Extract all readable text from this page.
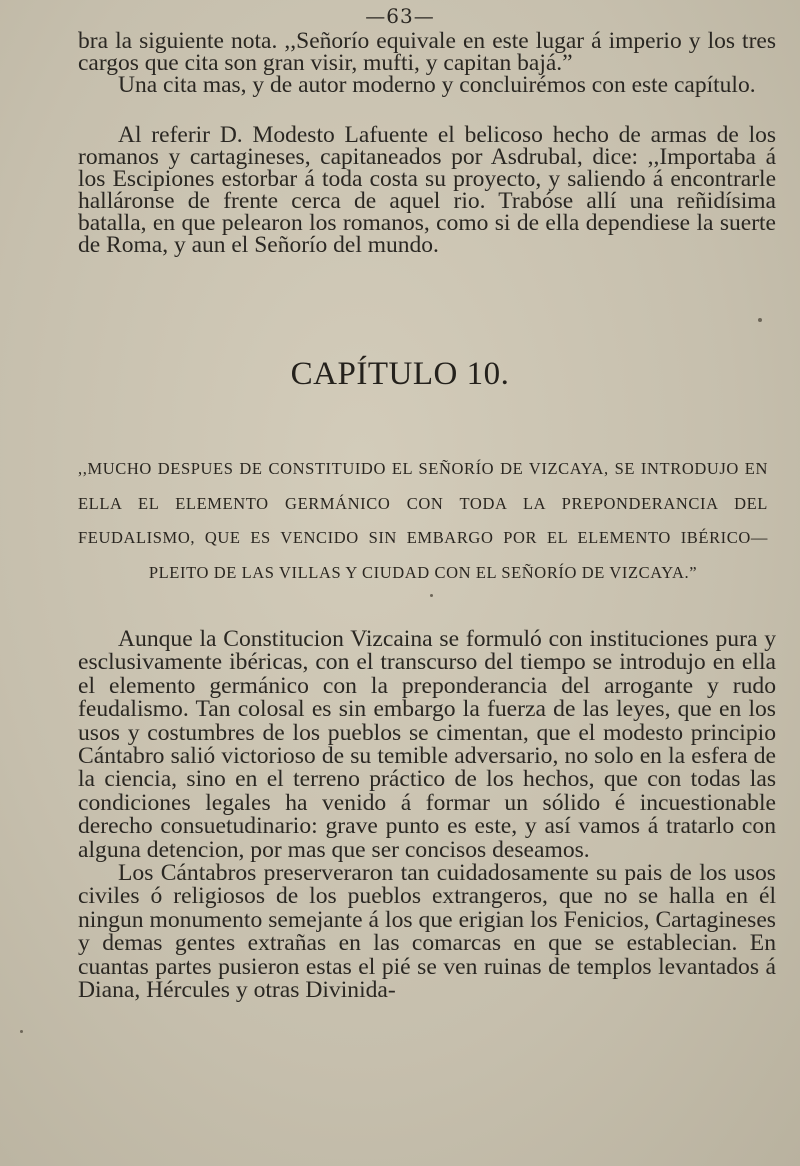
—63—

bra la siguiente nota. ,,Señorío equivale en este lugar á imperio y los tres cargos que cita son gran visir, mufti, y capitan bajá.”

Una cita mas, y de autor moderno y concluirémos con este capítulo.

Al referir D. Modesto Lafuente el belicoso hecho de armas de los romanos y cartagineses, capitaneados por Asdrubal, dice: ,,Importaba á los Escipiones estorbar á toda costa su proyecto, y saliendo á encontrarle halláronse de frente cerca de aquel rio. Trabóse allí una reñidísima batalla, en que pelearon los romanos, como si de ella dependiese la suerte de Roma, y aun el Señorío del mundo.

CAPÍTULO 10.
,,MUCHO DESPUES DE CONSTITUIDO EL SEÑORÍO DE VIZCAYA, SE INTRODUJO EN ELLA EL ELEMENTO GERMÁNICO CON TODA LA PREPONDERANCIA DEL FEUDALISMO, QUE ES VENCIDO SIN EMBARGO POR EL ELEMENTO IBÉRICO—PLEITO DE LAS VILLAS Y CIUDAD CON EL SEÑORÍO DE VIZCAYA.”

Aunque la Constitucion Vizcaina se formuló con instituciones pura y esclusivamente ibéricas, con el transcurso del tiempo se introdujo en ella el elemento germánico con la preponderancia del arrogante y rudo feudalismo. Tan colosal es sin embargo la fuerza de las leyes, que en los usos y costumbres de los pueblos se cimentan, que el modesto principio Cántabro salió victorioso de su temible adversario, no solo en la esfera de la ciencia, sino en el terreno práctico de los hechos, que con todas las condiciones legales ha venido á formar un sólido é incuestionable derecho consuetudinario: grave punto es este, y así vamos á tratarlo con alguna detencion, por mas que ser concisos deseamos.

Los Cántabros preserveraron tan cuidadosamente su pais de los usos civiles ó religiosos de los pueblos extrangeros, que no se halla en él ningun monumento semejante á los que erigian los Fenicios, Cartagineses y demas gentes extrañas en las comarcas en que se establecian. En cuantas partes pusieron estas el pié se ven ruinas de templos levantados á Diana, Hércules y otras Divinida-
